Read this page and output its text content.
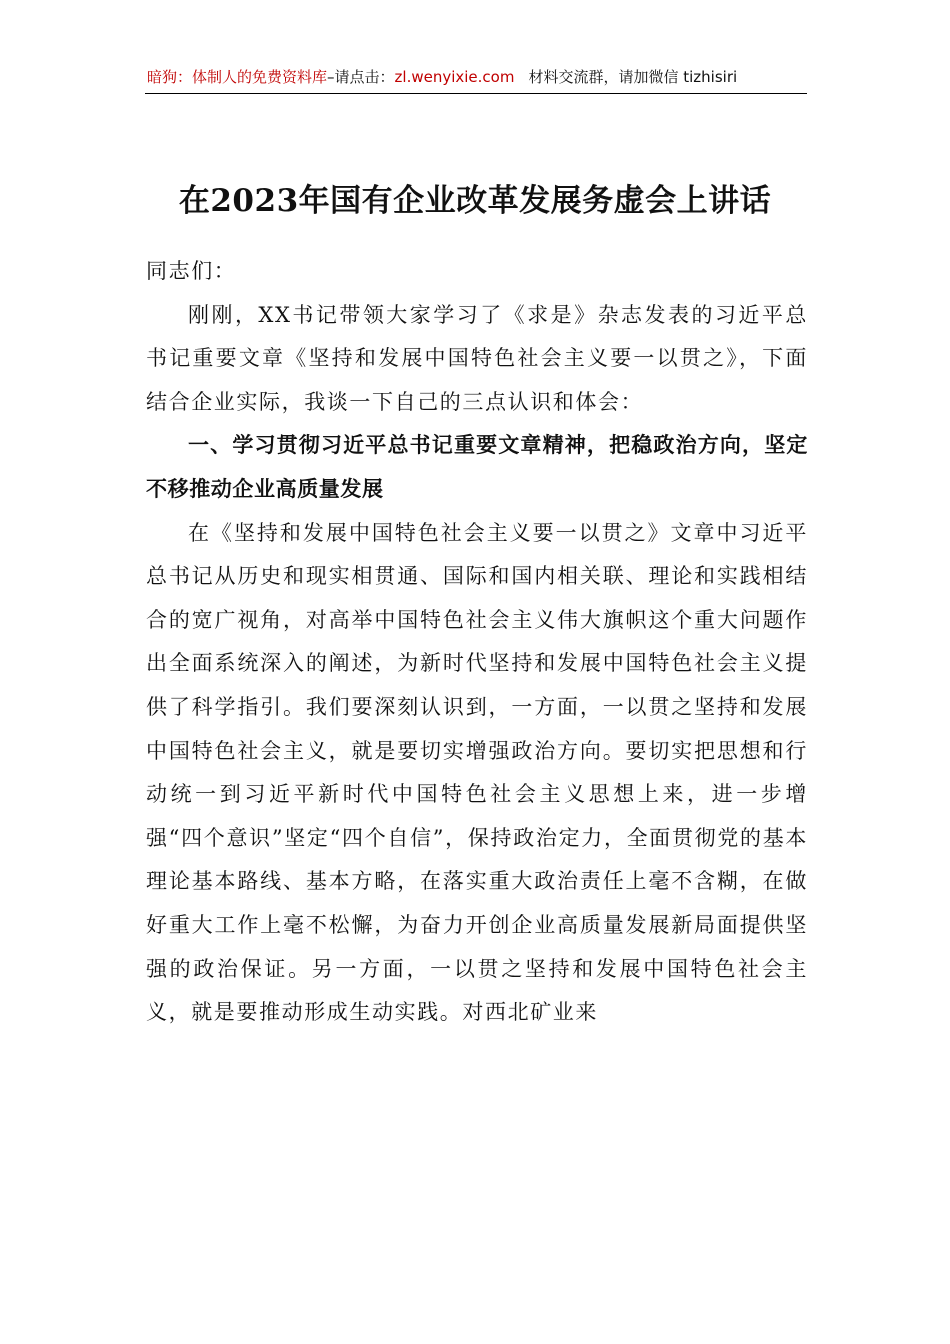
暗狗：体制人的免费资料库–请点击：zl.wenyixie.com 材料交流群，请加微信 tizhisiri
在2023年国有企业改革发展务虚会上讲话

同志们：

刚刚，XX书记带领大家学习了《求是》杂志发表的习近平总书记重要文章《坚持和发展中国特色社会主义要一以贯之》，下面结合企业实际，我谈一下自己的三点认识和体会：

一、学习贯彻习近平总书记重要文章精神，把稳政治方向，坚定不移推动企业高质量发展

在《坚持和发展中国特色社会主义要一以贯之》文章中习近平总书记从历史和现实相贯通、国际和国内相关联、理论和实践相结合的宽广视角，对高举中国特色社会主义伟大旗帜这个重大问题作出全面系统深入的阐述，为新时代坚持和发展中国特色社会主义提供了科学指引。我们要深刻认识到，一方面，一以贯之坚持和发展中国特色社会主义，就是要切实增强政治方向。要切实把思想和行动统一到习近平新时代中国特色社会主义思想上来，进一步增强“四个意识”坚定“四个自信”，保持政治定力，全面贯彻党的基本理论基本路线、基本方略，在落实重大政治责任上毫不含糊，在做好重大工作上毫不松懈，为奋力开创企业高质量发展新局面提供坚强的政治保证。另一方面，一以贯之坚持和发展中国特色社会主义，就是要推动形成生动实践。对西北矿业来
